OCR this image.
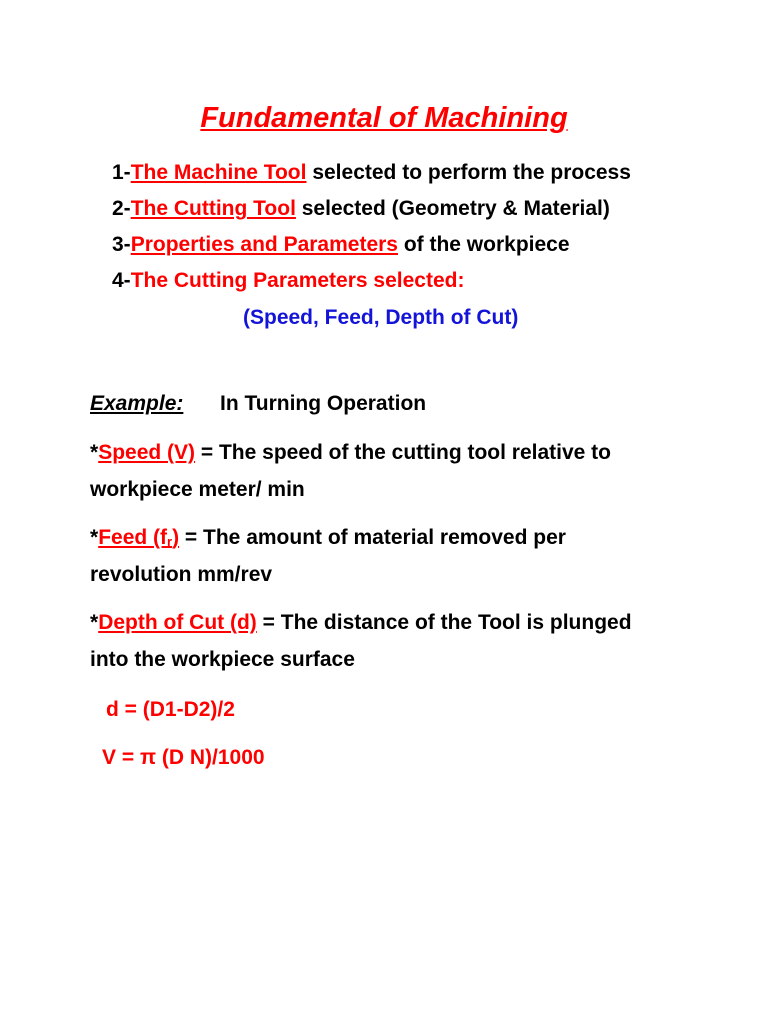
Fundamental of Machining
1-The Machine Tool selected to perform the process
2-The Cutting Tool selected (Geometry & Material)
3-Properties and Parameters of the workpiece
4-The Cutting Parameters selected:
(Speed, Feed, Depth of Cut)
Example: In Turning Operation
*Speed (V) = The speed of the cutting tool relative to
workpiece meter/ min
*Feed $(f_r)$ = The amount of material removed per
revolution mm/rev
*Depth of Cut (d) = The distance of the Tool is plunged
into the workpiece surface
d = (D1-D2)/2
V = π (D N)/1000
